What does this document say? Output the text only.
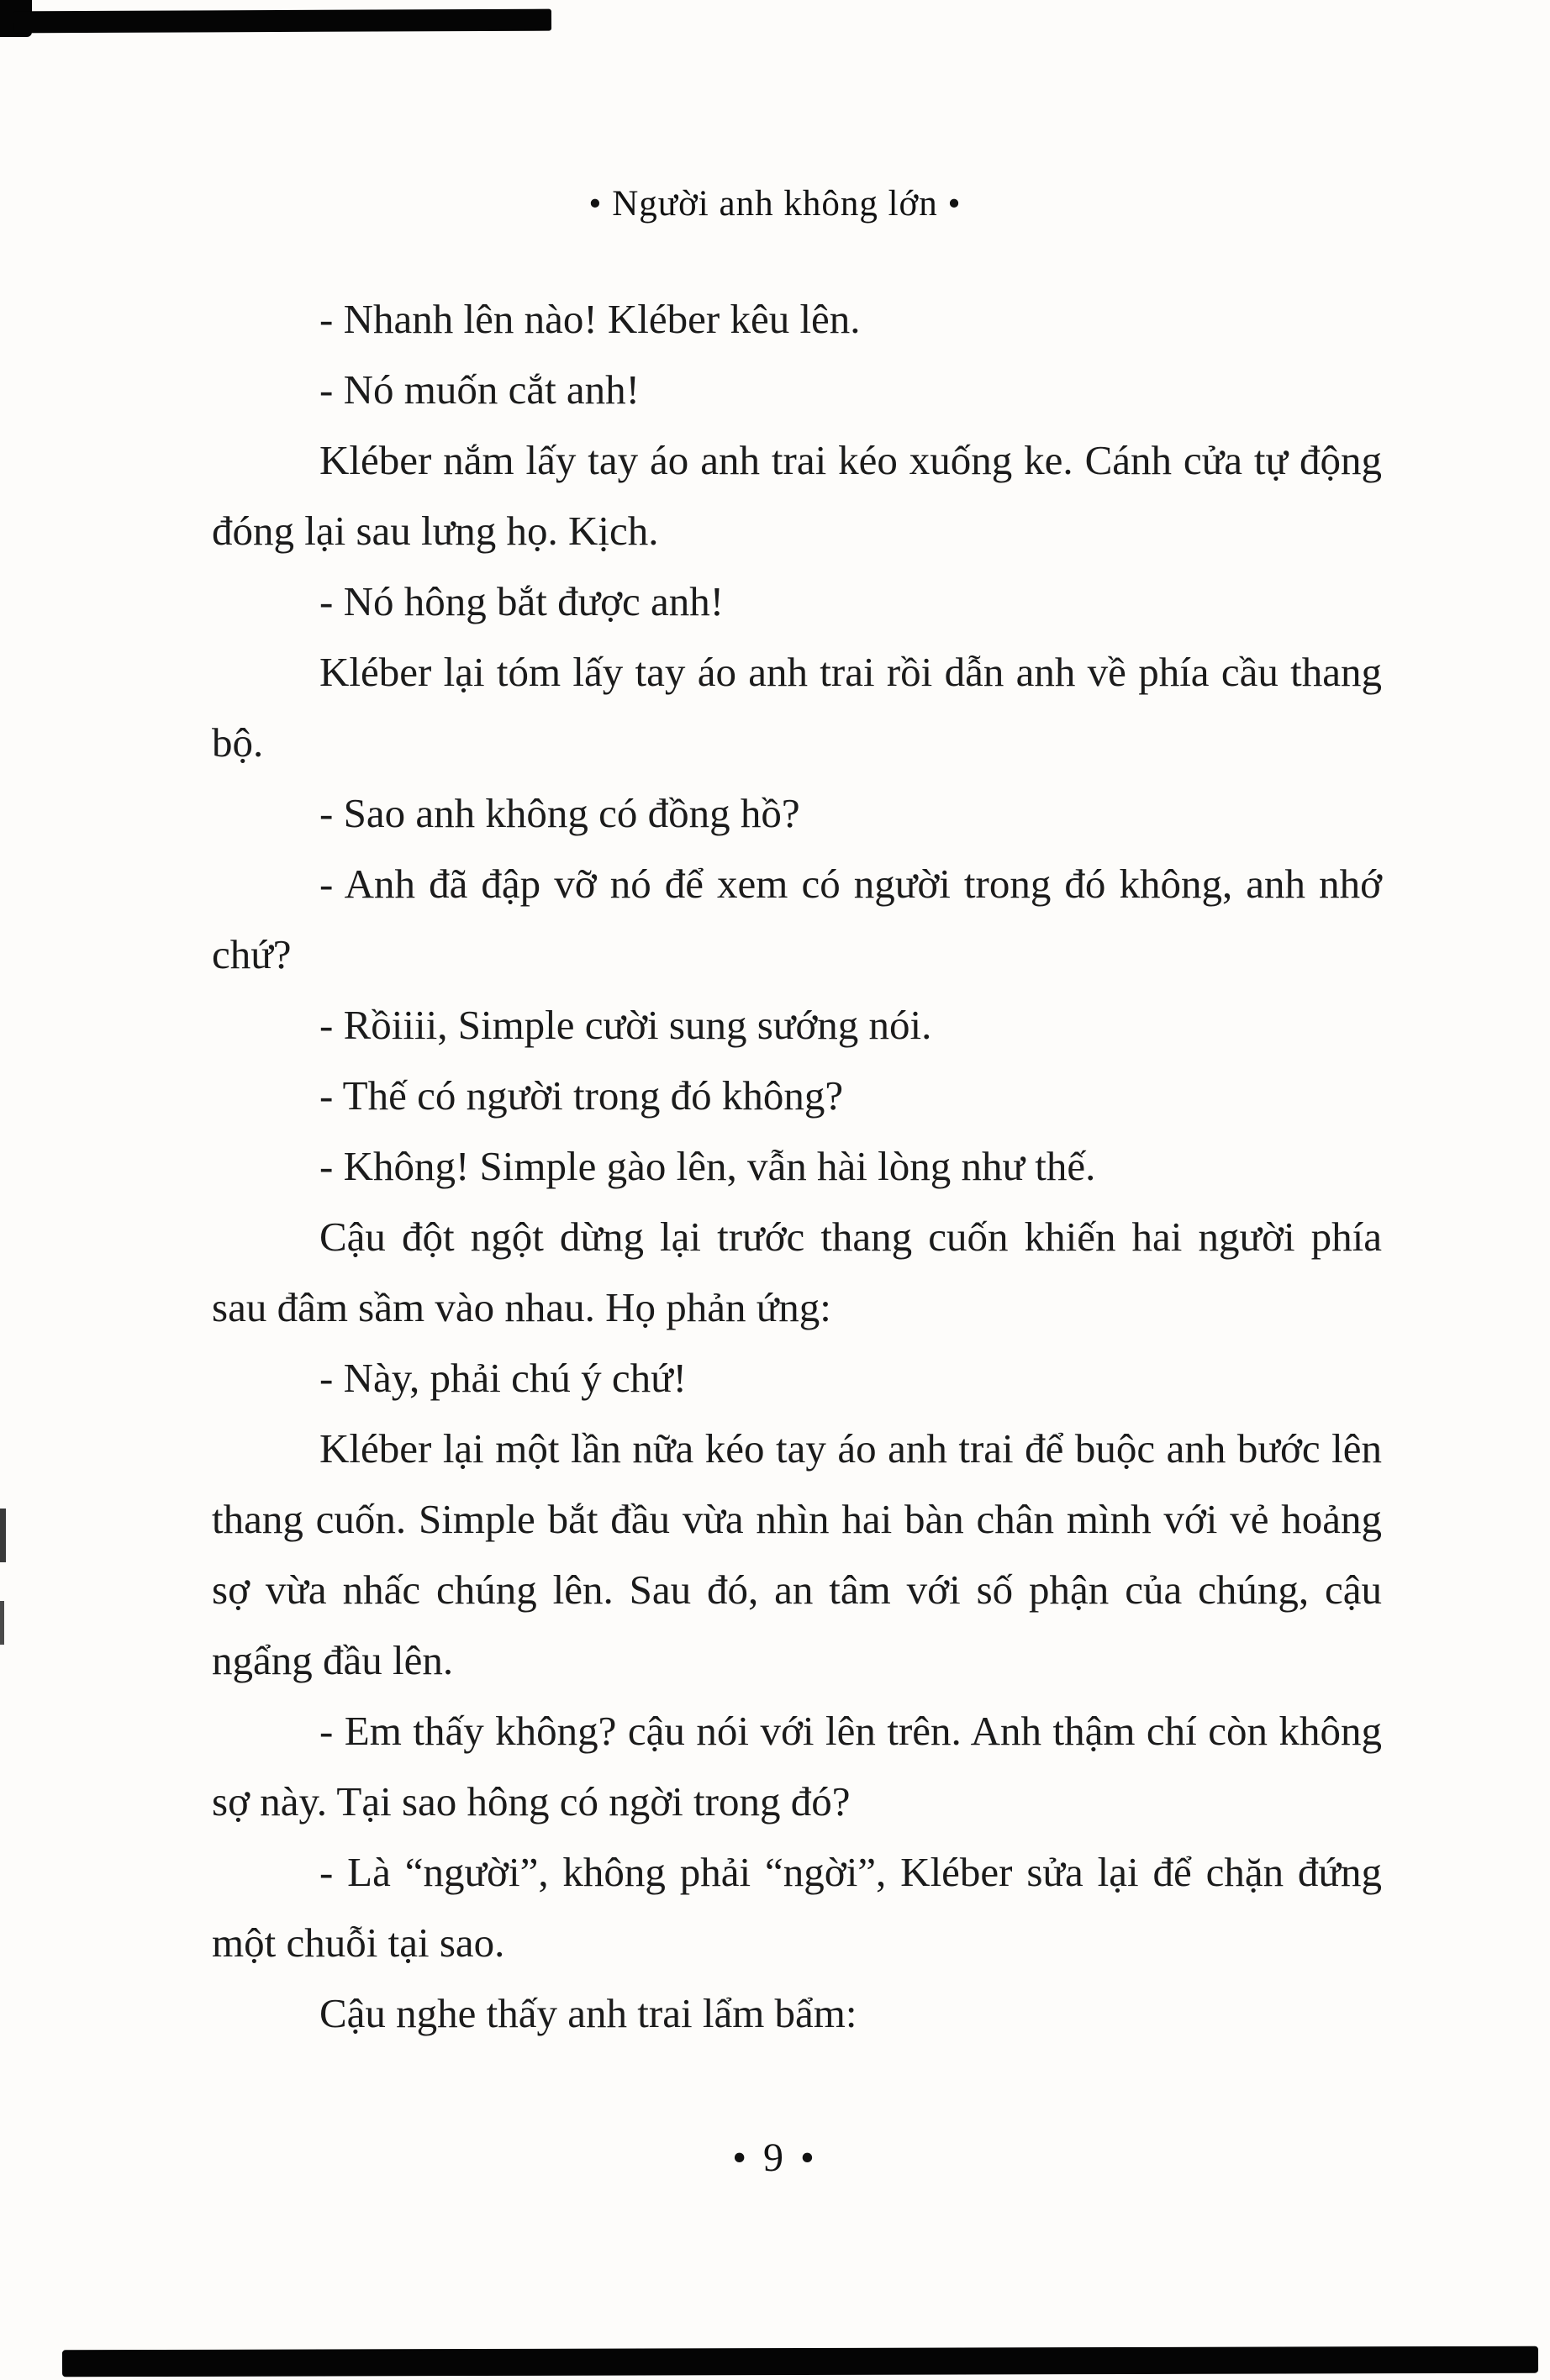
• Người anh không lớn •

- Nhanh lên nào! Kléber kêu lên.

- Nó muốn cắt anh!

Kléber nắm lấy tay áo anh trai kéo xuống ke. Cánh cửa tự động đóng lại sau lưng họ. Kịch.

- Nó hông bắt được anh!

Kléber lại tóm lấy tay áo anh trai rồi dẫn anh về phía cầu thang bộ.

- Sao anh không có đồng hồ?

- Anh đã đập vỡ nó để xem có người trong đó không, anh nhớ chứ?

- Rồiiii, Simple cười sung sướng nói.

- Thế có người trong đó không?

- Không! Simple gào lên, vẫn hài lòng như thế.

Cậu đột ngột dừng lại trước thang cuốn khiến hai người phía sau đâm sầm vào nhau. Họ phản ứng:

- Này, phải chú ý chứ!

Kléber lại một lần nữa kéo tay áo anh trai để buộc anh bước lên thang cuốn. Simple bắt đầu vừa nhìn hai bàn chân mình với vẻ hoảng sợ vừa nhấc chúng lên. Sau đó, an tâm với số phận của chúng, cậu ngẩng đầu lên.

- Em thấy không? cậu nói với lên trên. Anh thậm chí còn không sợ này. Tại sao hông có ngời trong đó?

- Là “người”, không phải “ngời”, Kléber sửa lại để chặn đứng một chuỗi tại sao.

Cậu nghe thấy anh trai lẩm bẩm:

• 9 •
